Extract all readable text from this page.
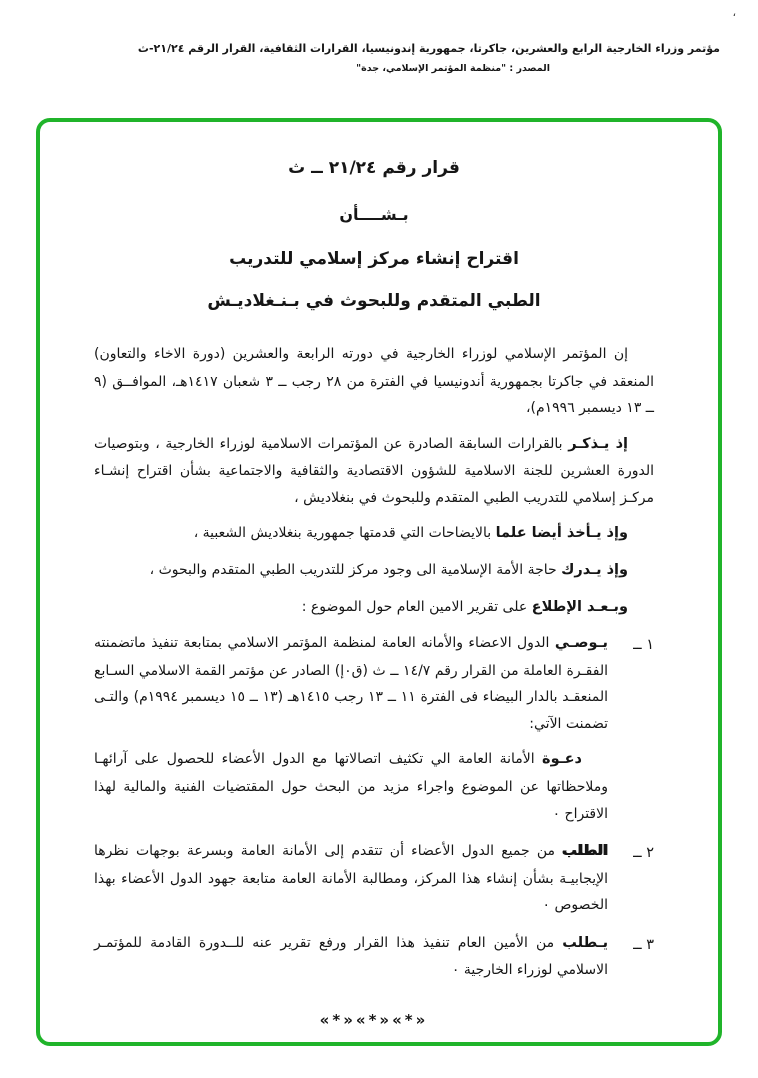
،
مؤتمر وزراء الخارجية الرابع والعشرين، جاكرتا، جمهورية إندونيسيا، القرارات الثقافية، القرار الرقم ٢١/٢٤-ث
المصدر : "منظمة المؤتمر الإسلامي، جدة"
قرار رقم ٢١/٢٤ ــ ث
بـشــــأن
اقتراح إنشاء مركز إسلامي للتدريب
الطبي المتقدم وللبحوث في بـنـغلاديـش

إن المؤتمر الإسلامي لوزراء الخارجية في دورته الرابعة والعشرين (دورة الاخاء والتعاون) المنعقد في جاكرتا بجمهورية أندونيسيا في الفترة من ٢٨ رجب ــ ٣ شعبان ١٤١٧هـ، الموافــق (٩ ــ ١٣ ديسمبر ١٩٩٦م)،

إذ يـذكـر بالقرارات السابقة الصادرة عن المؤتمرات الاسلامية لوزراء الخارجية ، وبتوصيات الدورة العشرين للجنة الاسلامية للشؤون الاقتصادية والثقافية والاجتماعية بشأن اقتراح إنشـاء مركـز إسلامي للتدريب الطبي المتقدم وللبحوث في بنغلاديش ،

وإذ يـأخذ أيضا علما بالايضاحات التي قدمتها جمهورية بنغلاديش الشعبية ،

وإذ يـدرك حاجة الأمة الإسلامية الى وجود مركز للتدريب الطبي المتقدم والبحوث ،

وبـعـد الإطلاع على تقرير الامين العام حول الموضوع :

١ ــ

يـوصـي الدول الاعضاء والأمانه العامة لمنظمة المؤتمر الاسلامي بمتابعة تنفيذ ماتضمنته الفقـرة العاملة من القرار رقم ١٤/٧ ــ ث (ق٠إ) الصادر عن مؤتمر القمة الاسلامي السـابع المنعقـد بالدار البيضاء فى الفترة ١١ ــ ١٣ رجب ١٤١٥هـ (١٣ ــ ١٥ ديسمبر ١٩٩٤م) والتـى تضمنت الآتي:

دعـوة الأمانة العامة الي تكثيف اتصالاتها مع الدول الأعضاء للحصول على آرائهـا وملاحظاتها عن الموضوع واجراء مزيد من البحث حول المقتضيات الفنية والمالية لهذا الاقتراح ٠

٢ ــ

الطلب من جميع الدول الأعضاء أن تتقدم إلى الأمانة العامة وبسرعة بوجهات نظرها الإيجابيـة بشأن إنشاء هذا المركز، ومطالبة الأمانة العامة متابعة جهود الدول الأعضاء بهذا الخصوص ٠

٣ ــ

يـطلب من الأمين العام تنفيذ هذا القرار ورفع تقرير عنه للــدورة القادمة للمؤتمـر الاسلامي لوزراء الخارجية ٠

«*»«*»«*»
